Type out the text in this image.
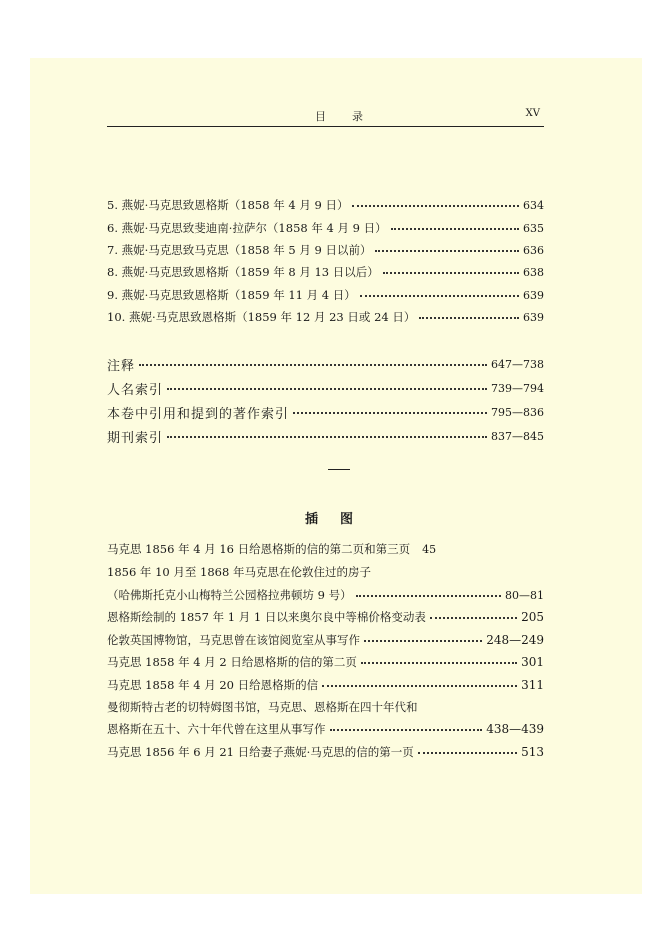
目录	XV
5. 燕妮·马克思致恩格斯（1858 年 4 月 9 日）	634
6. 燕妮·马克思致斐迪南·拉萨尔（1858 年 4 月 9 日）	635
7. 燕妮·马克思致马克思（1858 年 5 月 9 日以前）	636
8. 燕妮·马克思致恩格斯（1859 年 8 月 13 日以后）	638
9. 燕妮·马克思致恩格斯（1859 年 11 月 4 日）	639
10. 燕妮·马克思致恩格斯（1859 年 12 月 23 日或 24 日）	639
注释	647—738
人名索引	739—794
本卷中引用和提到的著作索引	795—836
期刊索引	837—845
插图
马克思 1856 年 4 月 16 日给恩格斯的信的第二页和第三页 45
1856 年 10 月至 1868 年马克思在伦敦住过的房子
（哈佛斯托克小山梅特兰公园格拉弗顿坊 9 号）	80—81
恩格斯绘制的 1857 年 1 月 1 日以来奥尔良中等棉价格变动表	205
伦敦英国博物馆，马克思曾在该馆阅览室从事写作	248—249
马克思 1858 年 4 月 2 日给恩格斯的信的第二页	301
马克思 1858 年 4 月 20 日给恩格斯的信	311
曼彻斯特古老的切特姆图书馆，马克思、恩格斯在四十年代和
恩格斯在五十、六十年代曾在这里从事写作	438—439
马克思 1856 年 6 月 21 日给妻子燕妮·马克思的信的第一页	513
